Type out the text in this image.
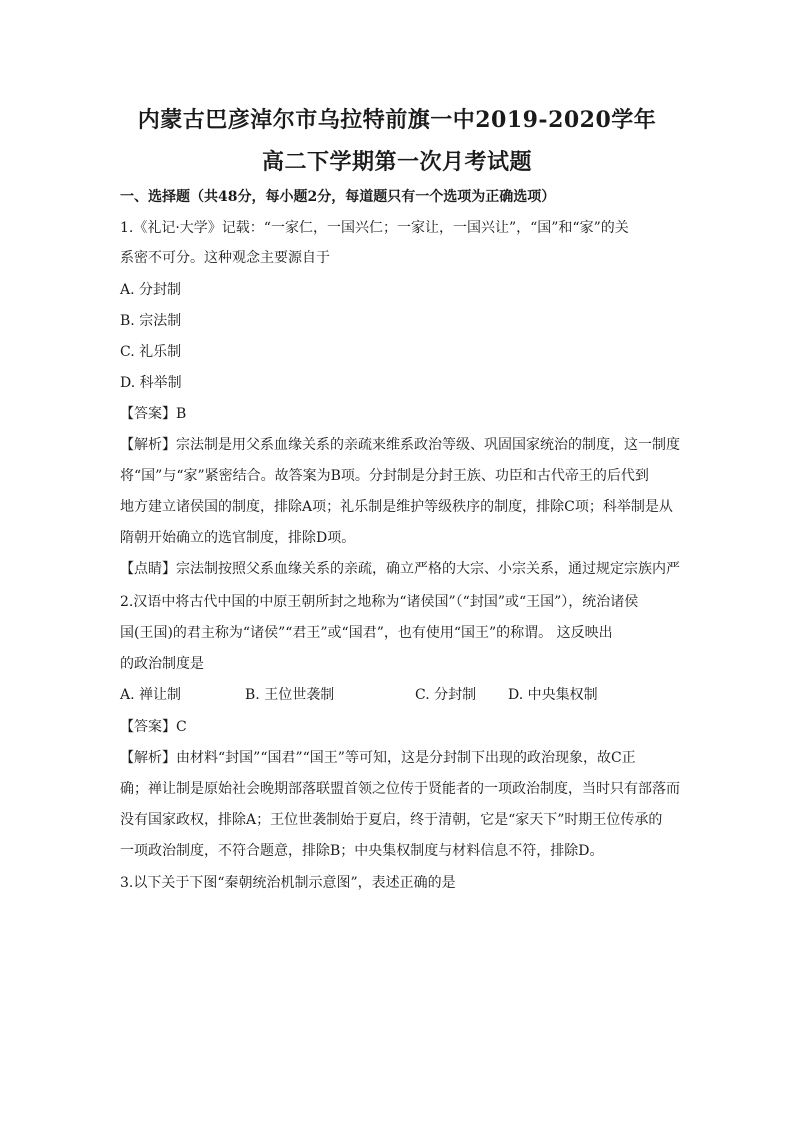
内蒙古巴彦淖尔市乌拉特前旗一中2019-2020学年
高二下学期第一次月考试题
一、选择题（共48分，每小题2分，每道题只有一个选项为正确选项）
1.《礼记·大学》记载：“一家仁，一国兴仁；一家让，一国兴让”，“国”和“家”的关
系密不可分。这种观念主要源自于
A. 分封制
B. 宗法制
C. 礼乐制
D. 科举制
【答案】B
【解析】宗法制是用父系血缘关系的亲疏来维系政治等级、巩固国家统治的制度，这一制度
将“国”与“家”紧密结合。故答案为B项。分封制是分封王族、功臣和古代帝王的后代到
地方建立诸侯国的制度，排除A项；礼乐制是维护等级秩序的制度，排除C项；科举制是从
隋朝开始确立的选官制度，排除D项。
【点睛】宗法制按照父系血缘关系的亲疏，确立严格的大宗、小宗关系，通过规定宗族内严
2.汉语中将古代中国的中原王朝所封之地称为“诸侯国”（“封国”或“王国”），统治诸侯
国(王国)的君主称为“诸侯”“君王”或“国君”，也有使用“国王”的称谓。 这反映出
的政治制度是
A. 禅让制	B. 王位世袭制	C. 分封制 D. 中央集权制
【答案】C
【解析】由材料“封国”“国君”“国王”等可知，这是分封制下出现的政治现象，故C正
确；禅让制是原始社会晚期部落联盟首领之位传于贤能者的一项政治制度，当时只有部落而
没有国家政权，排除A；王位世袭制始于夏启，终于清朝，它是“家天下”时期王位传承的
一项政治制度，不符合题意，排除B；中央集权制度与材料信息不符，排除D。
3.以下关于下图“秦朝统治机制示意图”，表述正确的是
